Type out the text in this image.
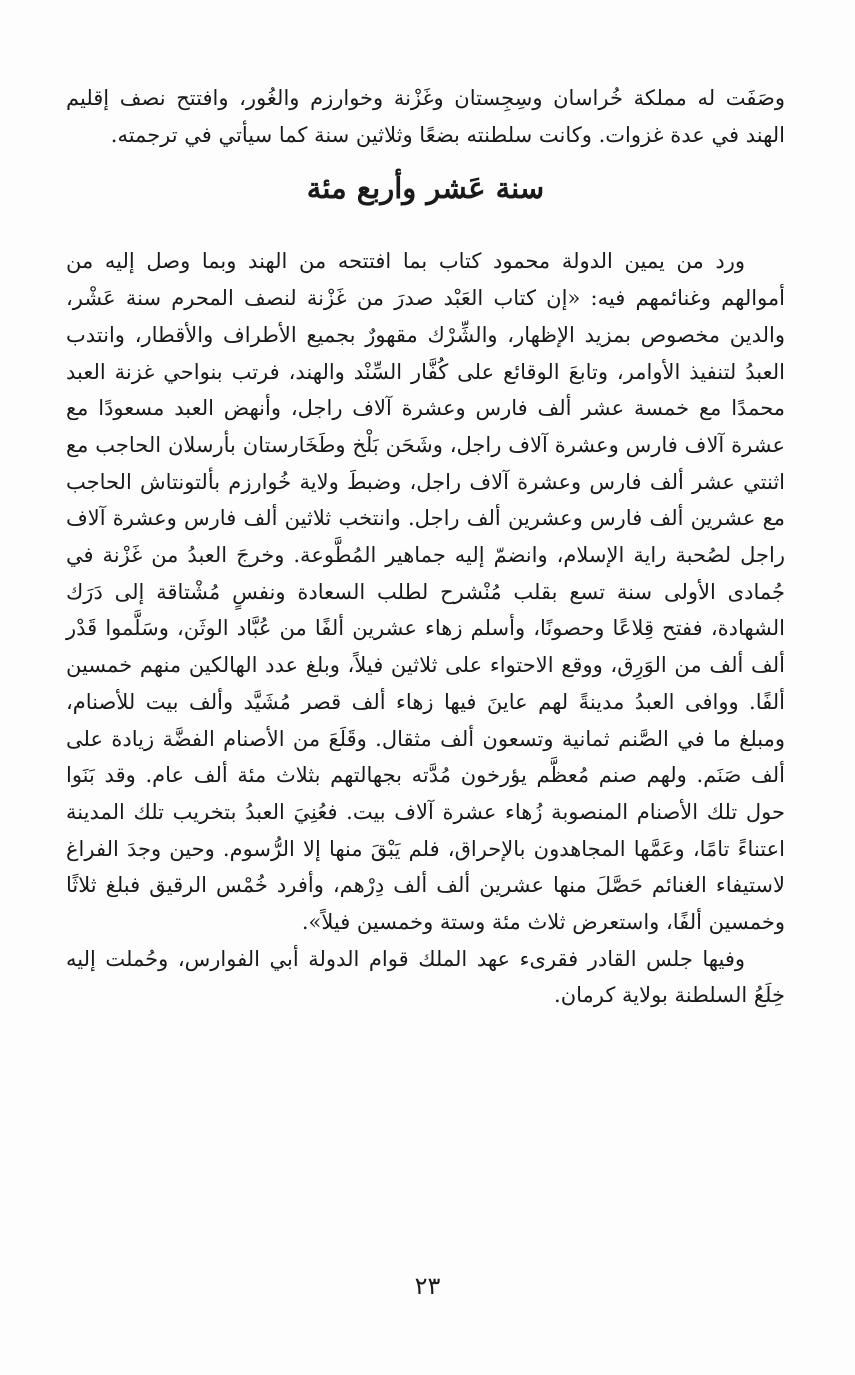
وصَفَت له مملكة خُراسان وسِجِستان وغَزْنة وخوارزم والغُور، وافتتح نصف إقليم الهند في عدة غزوات. وكانت سلطنته بضعًا وثلاثين سنة كما سيأتي في ترجمته.

سنة عَشر وأربع مئة

ورد من يمين الدولة محمود كتاب بما افتتحه من الهند وبما وصل إليه من أموالهم وغنائمهم فيه: «إن كتاب العَبْد صدرَ من غَزْنة لنصف المحرم سنة عَشْر، والدين مخصوص بمزيد الإظهار، والشِّرْك مقهورٌ بجميع الأطراف والأقطار، وانتدب العبدُ لتنفيذ الأوامر، وتابعَ الوقائع على كُفَّار السِّنْد والهند، فرتب بنواحي غزنة العبد محمدًا مع خمسة عشر ألف فارس وعشرة آلاف راجل، وأنهض العبد مسعودًا مع عشرة آلاف فارس وعشرة آلاف راجل، وشَحَن بَلْخ وطَخَارستان بأرسلان الحاجب مع اثنتي عشر ألف فارس وعشرة آلاف راجل، وضبطَ ولاية خُوارزم بألتونتاش الحاجب مع عشرين ألف فارس وعشرين ألف راجل. وانتخب ثلاثين ألف فارس وعشرة آلاف راجل لصُحبة راية الإسلام، وانضمّ إليه جماهير المُطَّوعة. وخرجَ العبدُ من غَزْنة في جُمادى الأولى سنة تسع بقلب مُنْشرح لطلب السعادة ونفسٍ مُشْتاقة إلى دَرَك الشهادة، ففتح قِلاعًا وحصونًا، وأسلم زهاء عشرين ألفًا من عُبَّاد الوثَن، وسَلَّموا قَدْر ألف ألف من الوَرِق، ووقع الاحتواء على ثلاثين فيلاً، وبلغ عدد الهالكين منهم خمسين ألفًا. ووافى العبدُ مدينةً لهم عاينَ فيها زهاء ألف قصر مُشَيَّد وألف بيت للأصنام، ومبلغ ما في الصَّنم ثمانية وتسعون ألف مثقال. وقَلَعَ من الأصنام الفضَّة زيادة على ألف صَنَم. ولهم صنم مُعظَّم يؤرخون مُدَّته بجهالتهم بثلاث مئة ألف عام. وقد بَنَوا حول تلك الأصنام المنصوبة زُهاء عشرة آلاف بيت. فعُنِيَ العبدُ بتخريب تلك المدينة اعتناءً تامًا، وعَمَّها المجاهدون بالإحراق، فلم يَبْقَ منها إلا الرُّسوم. وحين وجدَ الفراغ لاستيفاء الغنائم حَصَّلَ منها عشرين ألف ألف دِرْهم، وأفرد خُمْس الرقيق فبلغ ثلاثًا وخمسين ألفًا، واستعرض ثلاث مئة وستة وخمسين فيلاً».

وفيها جلس القادر فقرىء عهد الملك قوام الدولة أبي الفوارس، وحُملت إليه خِلَعُ السلطنة بولاية كرمان.

٢٣
